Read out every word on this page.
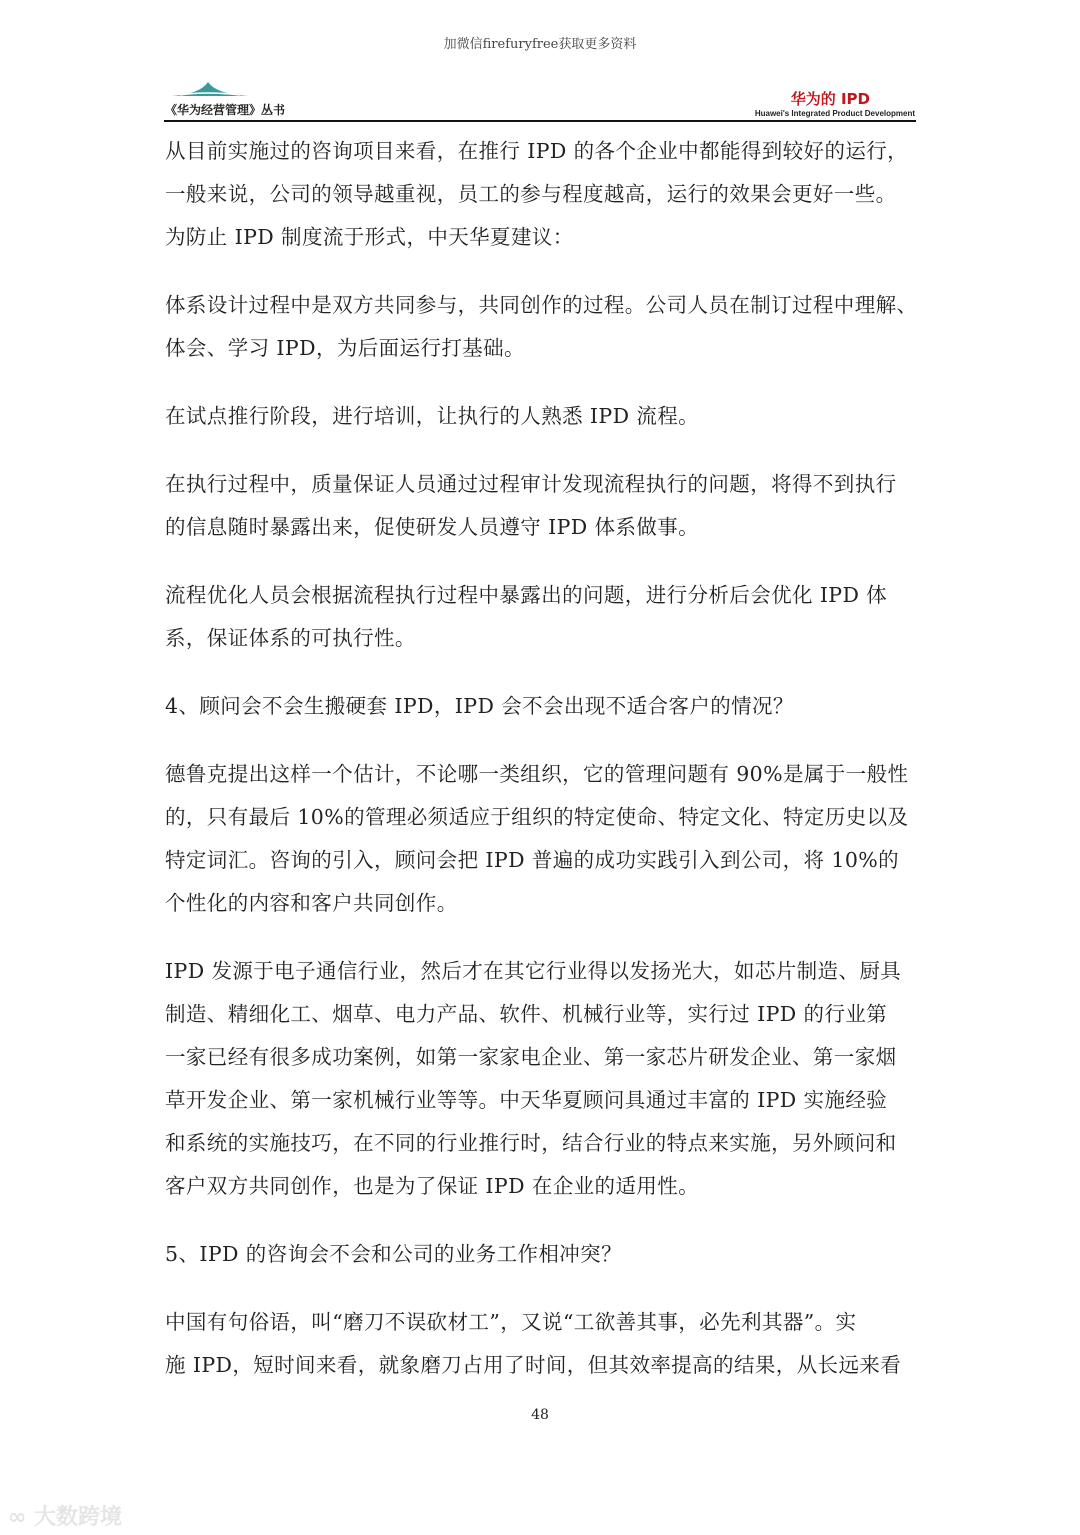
加微信firefuryfree获取更多资料
《华为经营管理》丛书
华为的 IPD
Huawei's Integrated Product Development
从目前实施过的咨询项目来看，在推行 IPD 的各个企业中都能得到较好的运行，
一般来说，公司的领导越重视，员工的参与程度越高，运行的效果会更好一些。
为防止 IPD 制度流于形式，中天华夏建议：
体系设计过程中是双方共同参与，共同创作的过程。公司人员在制订过程中理解、
体会、学习 IPD，为后面运行打基础。
在试点推行阶段，进行培训，让执行的人熟悉 IPD 流程。
在执行过程中，质量保证人员通过过程审计发现流程执行的问题，将得不到执行
的信息随时暴露出来，促使研发人员遵守 IPD 体系做事。
流程优化人员会根据流程执行过程中暴露出的问题，进行分析后会优化 IPD 体
系，保证体系的可执行性。
4、顾问会不会生搬硬套 IPD，IPD 会不会出现不适合客户的情况？
德鲁克提出这样一个估计，不论哪一类组织，它的管理问题有 90%是属于一般性
的，只有最后 10%的管理必须适应于组织的特定使命、特定文化、特定历史以及
特定词汇。咨询的引入，顾问会把 IPD 普遍的成功实践引入到公司，将 10%的
个性化的内容和客户共同创作。
IPD 发源于电子通信行业，然后才在其它行业得以发扬光大，如芯片制造、厨具
制造、精细化工、烟草、电力产品、软件、机械行业等，实行过 IPD 的行业第
一家已经有很多成功案例，如第一家家电企业、第一家芯片研发企业、第一家烟
草开发企业、第一家机械行业等等。中天华夏顾问具通过丰富的 IPD 实施经验
和系统的实施技巧，在不同的行业推行时，结合行业的特点来实施，另外顾问和
客户双方共同创作，也是为了保证 IPD 在企业的适用性。
5、IPD 的咨询会不会和公司的业务工作相冲突？
中国有句俗语，叫“磨刀不误砍材工”，又说“工欲善其事，必先利其器”。实
施 IPD，短时间来看，就象磨刀占用了时间，但其效率提高的结果，从长远来看
48
∞ 大数跨境
